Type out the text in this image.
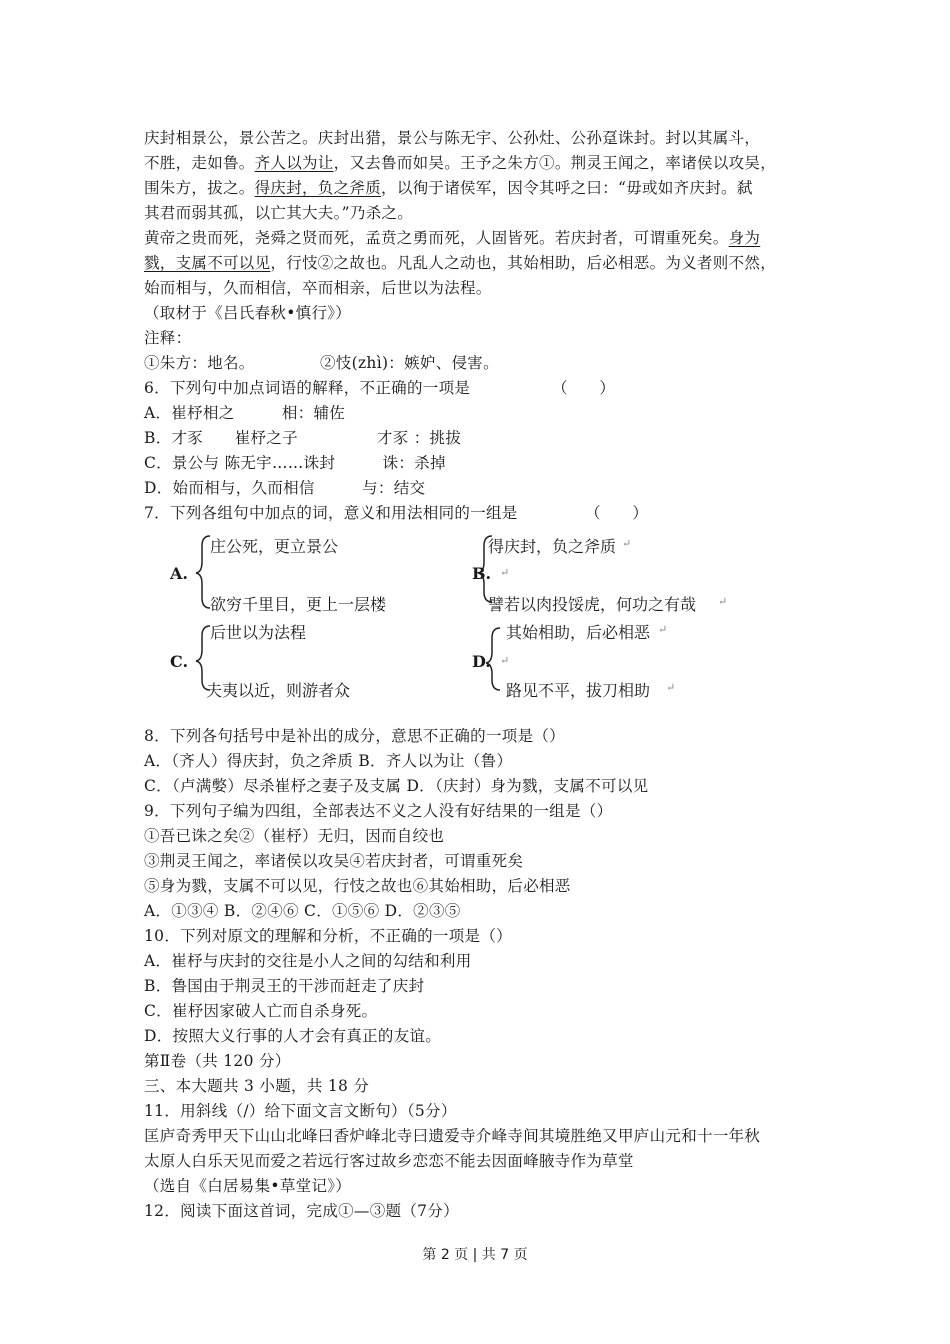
庆封相景公，景公苦之。庆封出猎，景公与陈无宇、公孙灶、公孙趸诛封。封以其属斗，
不胜，走如鲁。齐人以为让，又去鲁而如吴。王予之朱方①。荆灵王闻之，率诸侯以攻吴，
围朱方，拔之。得庆封，负之斧质，以徇于诸侯军，因令其呼之曰：“毋或如齐庆封。弑
其君而弱其孤，以亡其大夫。”乃杀之。
黄帝之贵而死，尧舜之贤而死，孟贲之勇而死，人固皆死。若庆封者，可谓重死矣。身为
戮，支属不可以见，行忮②之故也。凡乱人之动也，其始相助，后必相恶。为义者则不然，
始而相与，久而相信，卒而相亲，后世以为法程。
（取材于《吕氏春秋•慎行》）
注释：
①朱方：地名。	②忮(zhì)：嫉妒、侵害。
6．下列句中加点词语的解释，不正确的一项是	（　　）
A．崔杼相之　　　相：辅佐
B．才豕　　崔杼之子　　　　　才豕 ：挑拔
C．景公与 陈无宇……诛封　　　诛：杀掉
D．始而相与，久而相信　　　与：结交
7．下列各组句中加点的词，意义和用法相同的一组是	（　　）
A.
庄公死，更立景公
欲穷千里目，更上一层楼
B.
得庆封，负之斧质 ↵
↵
譬若以肉投馁虎，何功之有哉 ↵
C.
后世以为法程
夫夷以近，则游者众
D.
其始相助，后必相恶 ↵
↵
路见不平，拔刀相助 ↵
8．下列各句括号中是补出的成分，意思不正确的一项是（）
A．（齐人）得庆封，负之斧质 B．齐人以为让（鲁）
C．（卢满嫳）尽杀崔杼之妻子及支属 D．（庆封）身为戮，支属不可以见
9．下列句子编为四组，全部表达不义之人没有好结果的一组是（）
①吾已诛之矣②（崔杼）无归，因而自绞也
③荆灵王闻之，率诸侯以攻吴④若庆封者，可谓重死矣
⑤身为戮，支属不可以见，行忮之故也⑥其始相助，后必相恶
A．①③④ B．②④⑥ C．①⑤⑥ D．②③⑤
10．下列对原文的理解和分析，不正确的一项是（）
A．崔杼与庆封的交往是小人之间的勾结和利用
B．鲁国由于荆灵王的干涉而赶走了庆封
C．崔杼因家破人亡而自杀身死。
D．按照大义行事的人才会有真正的友谊。
第Ⅱ卷（共 120 分）
三、本大题共 3 小题，共 18 分
11．用斜线（/）给下面文言文断句）（5分）
匡庐奇秀甲天下山山北峰曰香炉峰北寺曰遗爱寺介峰寺间其境胜绝又甲庐山元和十一年秋
太原人白乐天见而爱之若远行客过故乡恋恋不能去因面峰腋寺作为草堂
（选自《白居易集•草堂记》）
12．阅读下面这首词，完成①—③题（7分）
第 2 页 | 共 7 页
